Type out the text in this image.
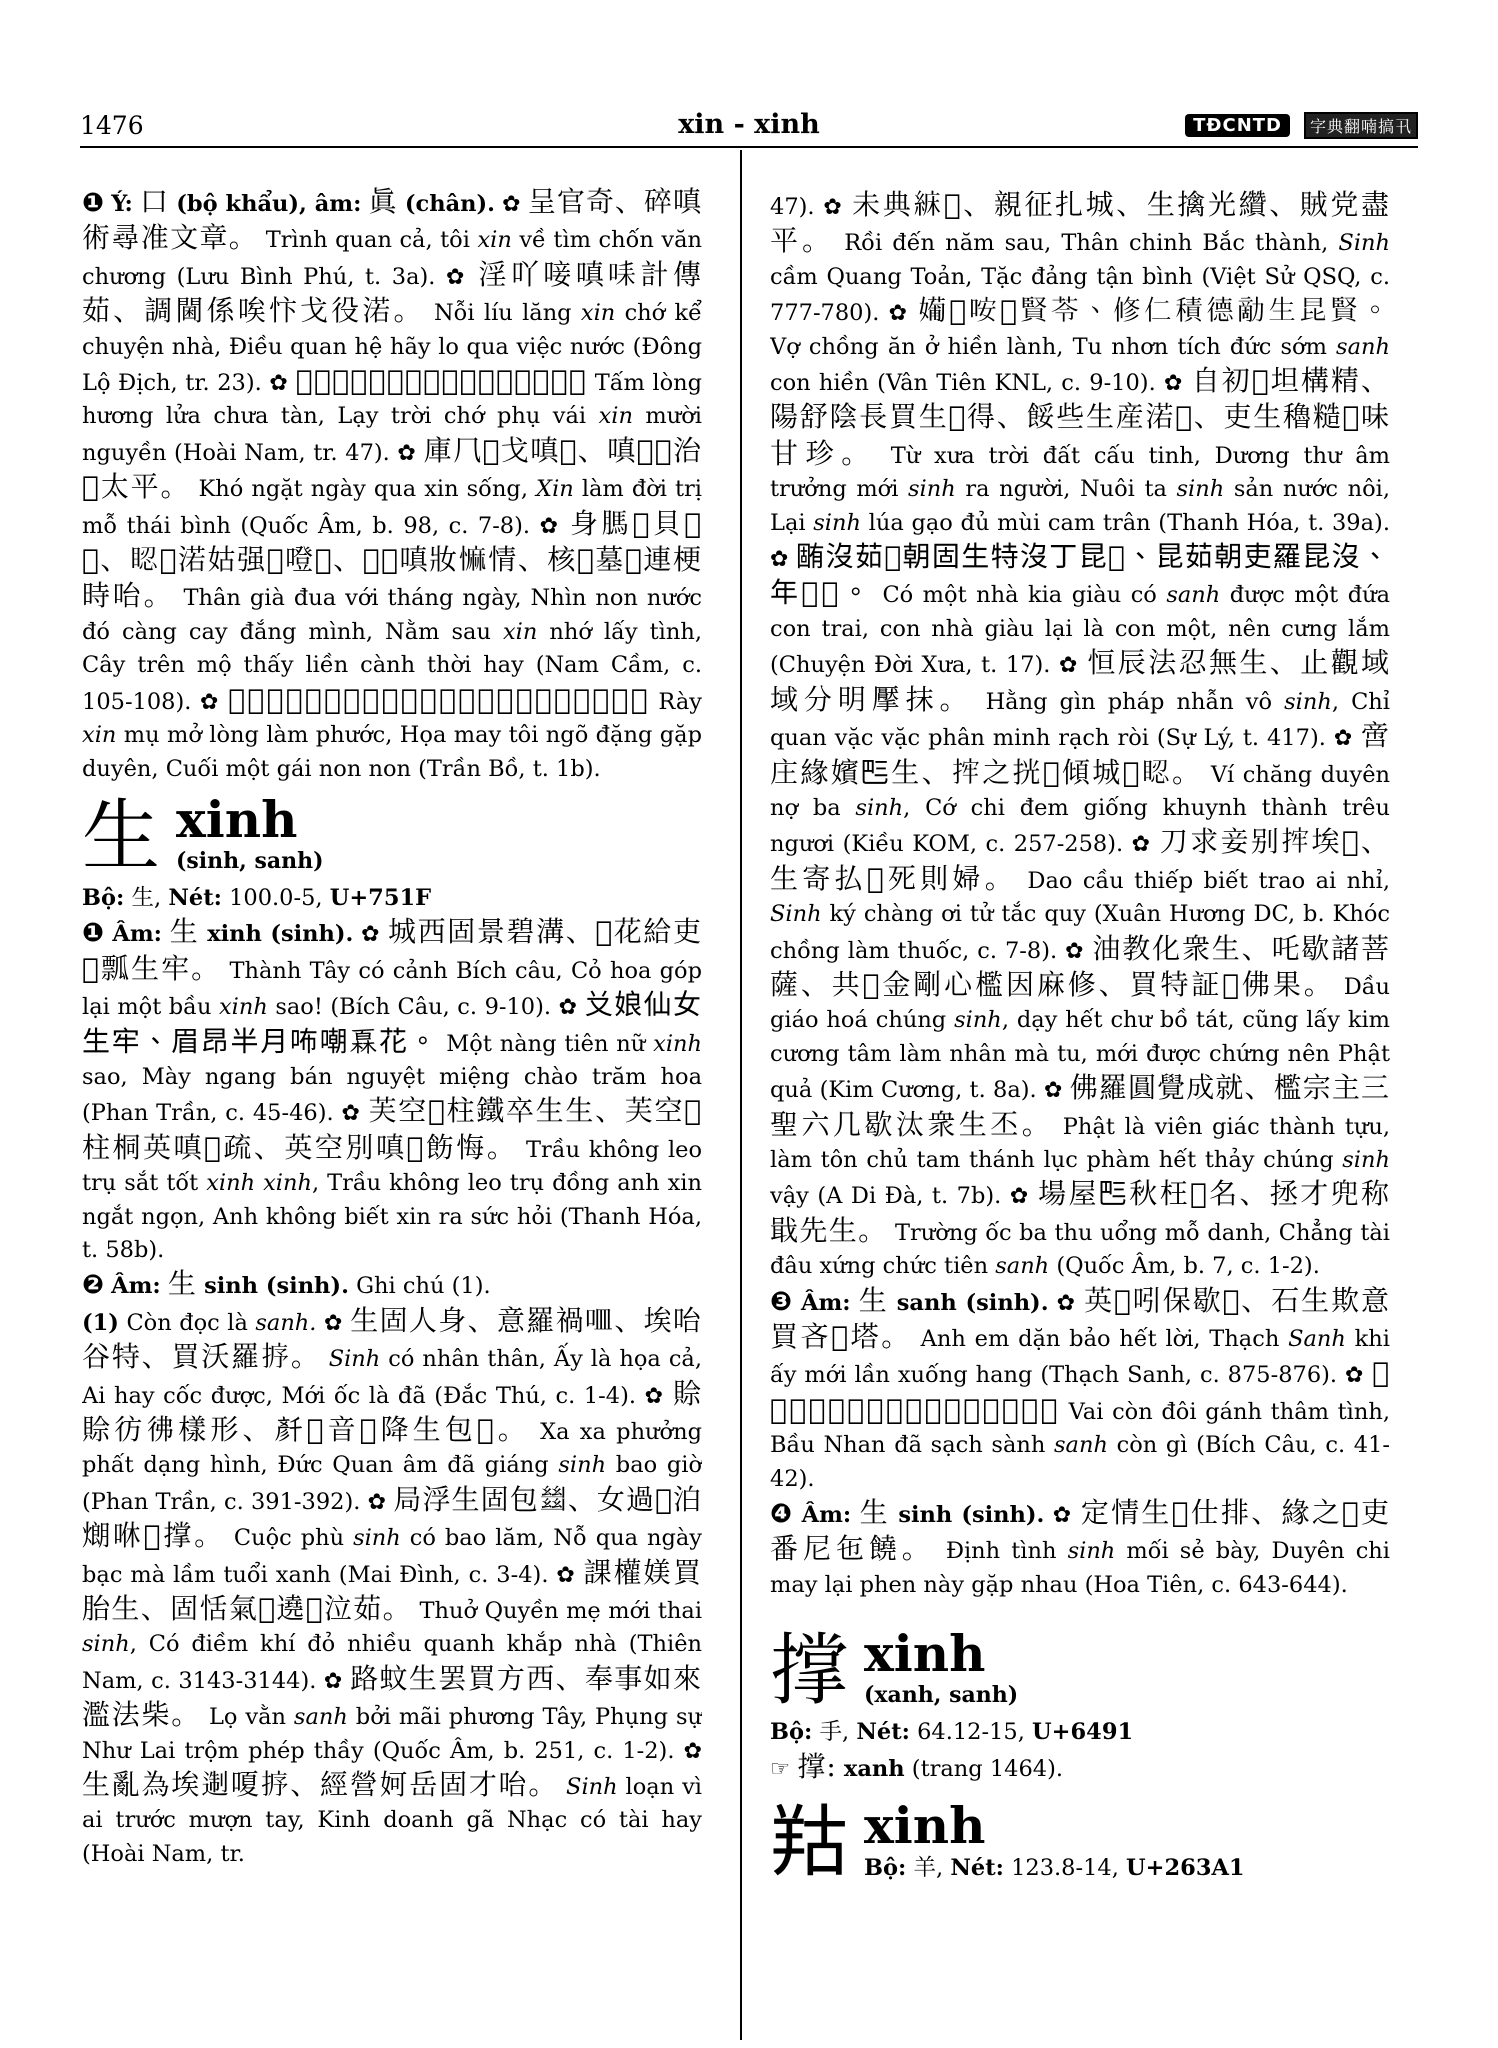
1476	xin - xinh	TĐCNTD	字典翻喃搞卂

❶ Ý: 口 (bộ khẩu), âm: 眞 (chân). ✿ 呈官奇、碎嗔術尋准文章。 Trình quan cả, tôi xin về tìm chốn văn chương (Lưu Bình Phú, t. 3a). ✿ 淫吖唼嗔𠱤計傳茹、調閫係唉忭戈役渃。 Nỗi líu lăng xin chớ kể chuyện nhà, Điều quan hệ hãy lo qua việc nước (Đông Lộ Địch, tr. 23). ✿ 𦛿悉香焒渚殘、𢘾丕渚負𠰘嗔进願。 Tấm lòng hương lửa chưa tàn, Lạy trời chớ phụ vái xin mười nguyền (Hoài Nam, tr. 47). ✿ 庫𠘨𣇞戈嗔𤯩、嗔𠫾𦋦治𣘃太平。 Khó ngặt ngày qua xin sống, Xin làm đời trị mỗ thái bình (Quốc Âm, b. 98, c. 7-8). ✿ 身𦟐𨁪貝𦝄𣎃、𥆾𡮈渃姑强𠱊噔𨉟、𦹳𨁦嗔妝𢠩情、核𨖲墓𧡊連梗時咍。 Thân già đua với tháng ngày, Nhìn non nước đó càng cay đắng mình, Nằm sau xin nhớ lấy tình, Cây trên mộ thấy liền cành thời hay (Nam Cầm, c. 105-108). ✿ 𣇜嗔媒𦀊悉𣼷福、禍𠅍碎吘鄧𨒺緣、𡛔𤀖𡛔𦽍𦽍。 Rày xin mụ mở lòng làm phước, Họa may tôi ngõ đặng gặp duyên, Cuối một gái non non (Trần Bồ, t. 1b).

生 xinh
(sinh, sanh)

Bộ: 生, Nét: 100.0-5, U+751F

❶ Âm: 生 xinh (sinh). ✿ 城西固景碧溝、𦬑花給吏𣳔瓢生牢。 Thành Tây có cảnh Bích câu, Cỏ hoa góp lại một bầu xinh sao! (Bích Câu, c. 9-10). ✿ 𠬠娘仙女生牢、眉昂半月咘嘲𤾓花。 Một nàng tiên nữ xinh sao, Mày ngang bán nguyệt miệng chào trăm hoa (Phan Trần, c. 45-46). ✿ 芙空𦀊柱鐵卒生生、芙空𦀊柱桐英嗔𢫝疏、英空別嗔𠱊飭悔。 Trầu không leo trụ sắt tốt xinh xinh, Trầu không leo trụ đồng anh xin ngắt ngọn, Anh không biết xin ra sức hỏi (Thanh Hóa, t. 58b).

❷ Âm: 生 sinh (sinh). Ghi chú (1).

(1) Còn đọc là sanh. ✿ 生固人身、意羅禍𠰘、埃咍谷特、買沃羅𢭸。 Sinh có nhân thân, Ấy là họa cả, Ai hay cốc được, Mới ốc là đã (Đắc Thú, c. 1-4). ✿ 賒賒彷彿樣形、𠦳𡗶音𢭸降生包𣇜。 Xa xa phưởng phất dạng hình, Đức Quan âm đã giáng sinh bao giờ (Phan Trần, c. 391-392). ✿ 局浮生固包𢇍、女過𣇞泊𤎜咻𩯀撑。 Cuộc phù sinh có bao lăm, Nỗ qua ngày bạc mà lầm tuổi xanh (Mai Đình, c. 3-4). ✿ 課權媄買胎生、固恬氣𦋦遶𩸄泣茹。 Thuở Quyền mẹ mới thai sinh, Có điềm khí đỏ nhiều quanh khắp nhà (Thiên Nam, c. 3143-3144). ✿ 路蚊生罢買方西、奉事如來濫法柴。 Lọ vằn sanh bởi mãi phương Tây, Phụng sự Như Lai trộm phép thầy (Quốc Âm, b. 251, c. 1-2). ✿ 生亂為埃𨔈嗄𢭸、經營妸岳固才咍。 Sinh loạn vì ai trước mượn tay, Kinh doanh gã Nhạc có tài hay (Hoài Nam, tr.

47). ✿ 未典𦀾𧺂、親征扎城、生擒光纘、賊党盡平。 Rồi đến năm sau, Thân chinh Bắc thành, Sinh cầm Quang Toản, Tặc đảng tận bình (Việt Sử QSQ, c. 777-780). ✿ 𡢼𡞕咹𢀭賢苓、修仁積德𠢗生昆賢。 Vợ chồng ăn ở hiền lành, Tu nhơn tích đức sớm sanh con hiền (Vân Tiên KNL, c. 9-10). ✿ 自初𡗶坦構精、陽舒陰長買生𠊛得、餒些生産渃𡨸、吏生穭糙𦧘味甘珍。 Từ xưa trời đất cấu tinh, Dương thư âm trưởng mới sinh ra người, Nuôi ta sinh sản nước nôi, Lại sinh lúa gạo đủ mùi cam trân (Thanh Hóa, t. 39a). ✿ 𣎏沒茹𢀭朝固生特沒丁昆𤳆、昆茹朝吏羅昆沒、年𡗉𢞅。 Có một nhà kia giàu có sanh được một đứa con trai, con nhà giàu lại là con một, nên cưng lắm (Chuyện Đời Xưa, t. 17). ✿ 恒辰法忍無生、止觀域域分明擪抹。 Hằng gìn pháp nhẫn vô sinh, Chỉ quan vặc vặc phân minh rạch ròi (Sự Lý, t. 417). ✿ 啻庄緣嬪𠀧生、𢭂之挄𢬣傾城𠶢𥆾。 Ví chăng duyên nợ ba sinh, Cớ chi đem giống khuynh thành trêu ngươi (Kiều KOM, c. 257-258). ✿ 刀求妾别𢭂埃𠸦、生寄払𠸟死則婦。 Dao cầu thiếp biết trao ai nhỉ, Sinh ký chàng ơi tử tắc quy (Xuân Hương DC, b. Khóc chồng làm thuốc, c. 7-8). ✿ 油教化衆生、吒歇諸菩薩、共𥙩金剛心檻因麻修、買特証𫀅佛果。 Dầu giáo hoá chúng sinh, dạy hết chư bồ tát, cũng lấy kim cương tâm làm nhân mà tu, mới được chứng nên Phật quả (Kim Cương, t. 8a). ✿ 佛羅圓覺成就、檻宗主三聖六几歇汰衆生丕。 Phật là viên giác thành tựu, làm tôn chủ tam thánh lục phàm hết thảy chúng sinh vậy (A Di Đà, t. 7b). ✿ 場屋𠀧秋枉𣘃名、拯才兜称戢先生。 Trường ốc ba thu uổng mỗ danh, Chẳng tài đâu xứng chức tiên sanh (Quốc Âm, b. 7, c. 1-2).

❸ Âm: 生 sanh (sinh). ✿ 英𡛔吲保歇𠳒、石生欺意買吝𡎝塔。 Anh em dặn bảo hết lời, Thạch Sanh khi ấy mới lần xuống hang (Thạch Sanh, c. 875-876). ✿ 𩄇群堆梗深情、瓢顔𢭸涯𥗬生群之。 Vai còn đôi gánh thâm tình, Bầu Nhan đã sạch sành sanh còn gì (Bích Câu, c. 41-42).

❹ Âm: 生 sinh (sinh). ✿ 定情生𠼯仕排、緣之𢙱吏番尼㐌饒。 Định tình sinh mối sẻ bày, Duyên chi may lại phen này gặp nhau (Hoa Tiên, c. 643-644).

撑 xinh
(xanh, sanh)

Bộ: 手, Nét: 64.12-15, U+6491

☞ 撑: xanh (trang 1464).

𦍩 xinh
Bộ: 羊, Nét: 123.8-14, U+263A1
